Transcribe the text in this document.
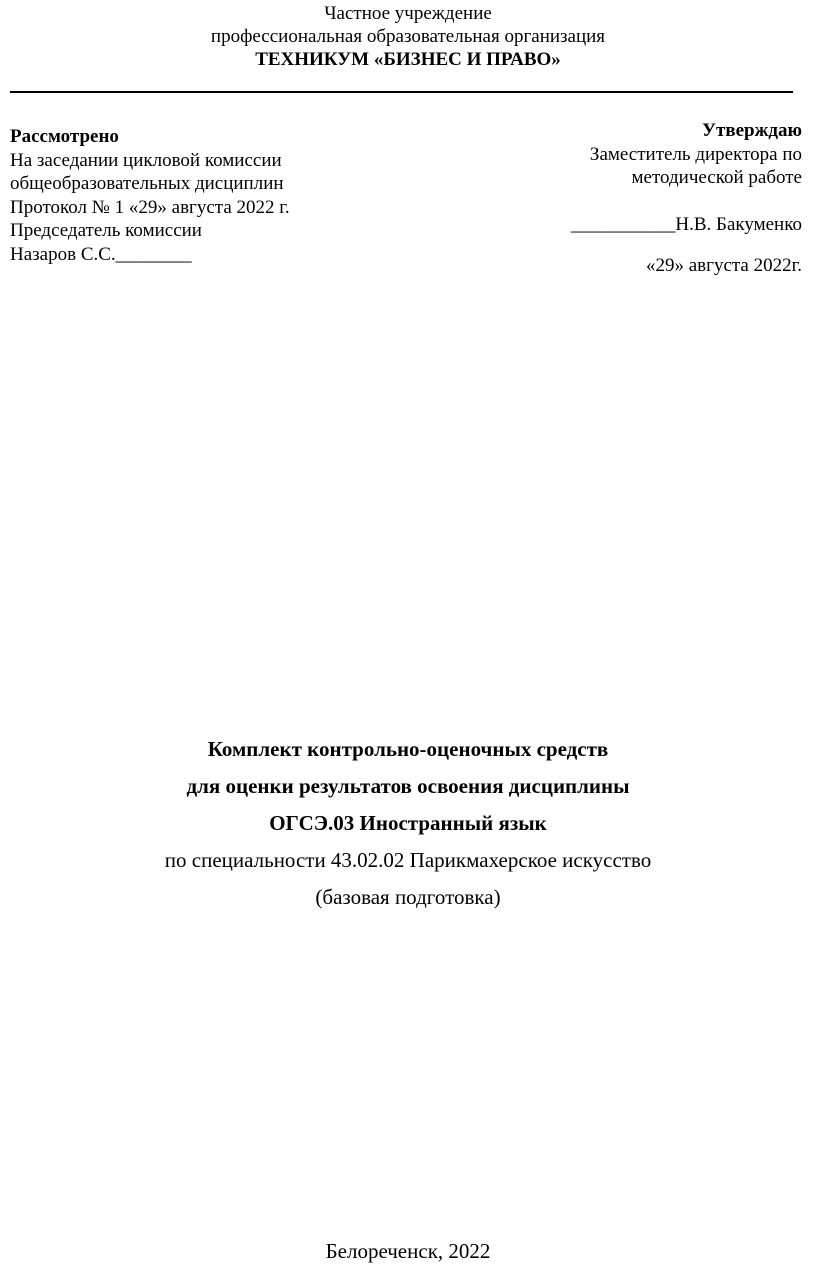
Частное учреждение
профессиональная образовательная организация
ТЕХНИКУМ «БИЗНЕС И ПРАВО»
Рассмотрено
На заседании цикловой комиссии
общеобразовательных дисциплин
Протокол № 1 «29» августа 2022 г.
Председатель комиссии
Назаров С.С.________
Утверждаю
Заместитель директора по
методической работе
___________Н.В. Бакуменко
«29» августа 2022г.
Комплект контрольно-оценочных средств
для оценки результатов освоения дисциплины
ОГСЭ.03 Иностранный язык
по специальности 43.02.02 Парикмахерское искусство
(базовая подготовка)
Белореченск, 2022
